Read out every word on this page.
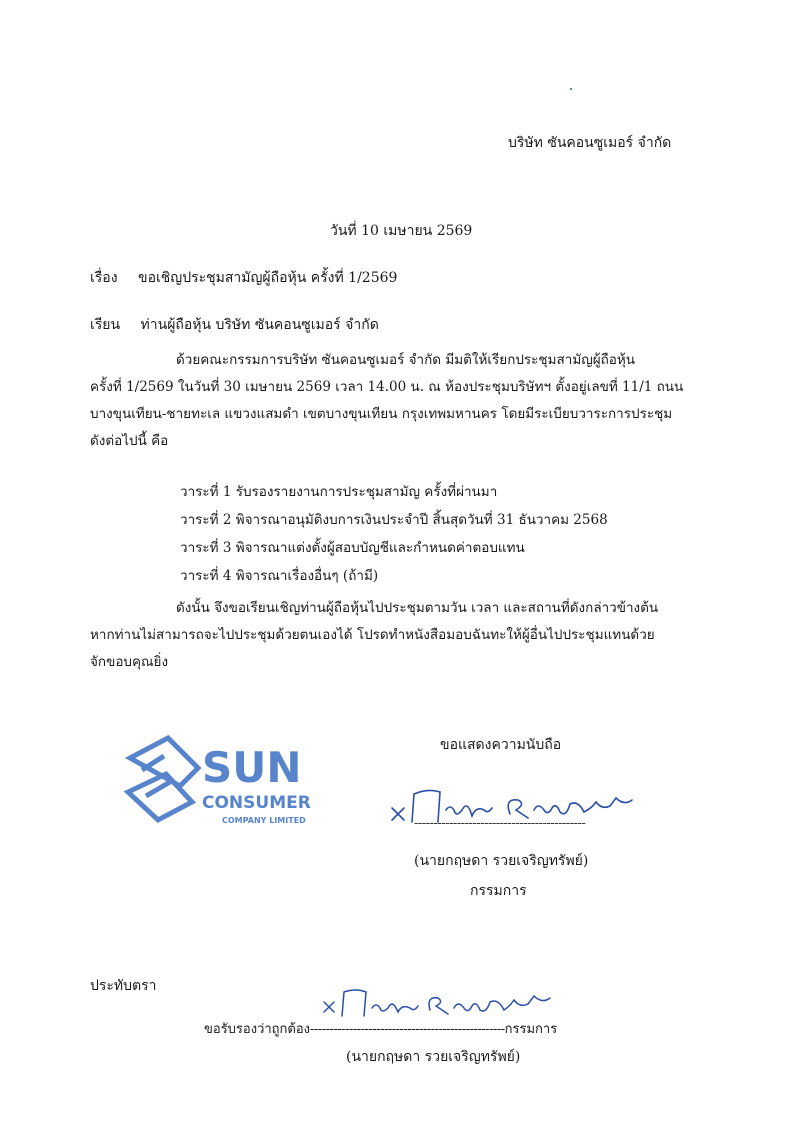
บริษัท ซันคอนซูเมอร์ จำกัด
วันที่ 10 เมษายน 2569
เรื่อง ขอเชิญประชุมสามัญผู้ถือหุ้น ครั้งที่ 1/2569
เรียน ท่านผู้ถือหุ้น บริษัท ซันคอนซูเมอร์ จำกัด
ด้วยคณะกรรมการบริษัท ซันคอนซูเมอร์ จำกัด มีมติให้เรียกประชุมสามัญผู้ถือหุ้น
ครั้งที่ 1/2569 ในวันที่ 30 เมษายน 2569 เวลา 14.00 น. ณ ห้องประชุมบริษัทฯ ตั้งอยู่เลขที่ 11/1 ถนน
บางขุนเทียน-ชายทะเล แขวงแสมดำ เขตบางขุนเทียน กรุงเทพมหานคร โดยมีระเบียบวาระการประชุม
ดังต่อไปนี้ คือ
วาระที่ 1 รับรองรายงานการประชุมสามัญ ครั้งที่ผ่านมา
วาระที่ 2 พิจารณาอนุมัติงบการเงินประจำปี สิ้นสุดวันที่ 31 ธันวาคม 2568
วาระที่ 3 พิจารณาแต่งตั้งผู้สอบบัญชีและกำหนดค่าตอบแทน
วาระที่ 4 พิจารณาเรื่องอื่นๆ (ถ้ามี)
ดังนั้น จึงขอเรียนเชิญท่านผู้ถือหุ้นไปประชุมตามวัน เวลา และสถานที่ดังกล่าวข้างต้น
หากท่านไม่สามารถจะไปประชุมด้วยตนเองได้ โปรดทำหนังสือมอบฉันทะให้ผู้อื่นไปประชุมแทนด้วย
จักขอบคุณยิ่ง
ขอแสดงความนับถือ
SUN
CONSUMER
COMPANY LIMITED	--------------------------------------------
(นายกฤษดา รวยเจริญทรัพย์)
กรรมการ
ประทับตรา
ขอรับรองว่าถูกต้อง--------------------------------------------------กรรมการ
(นายกฤษดา รวยเจริญทรัพย์)
